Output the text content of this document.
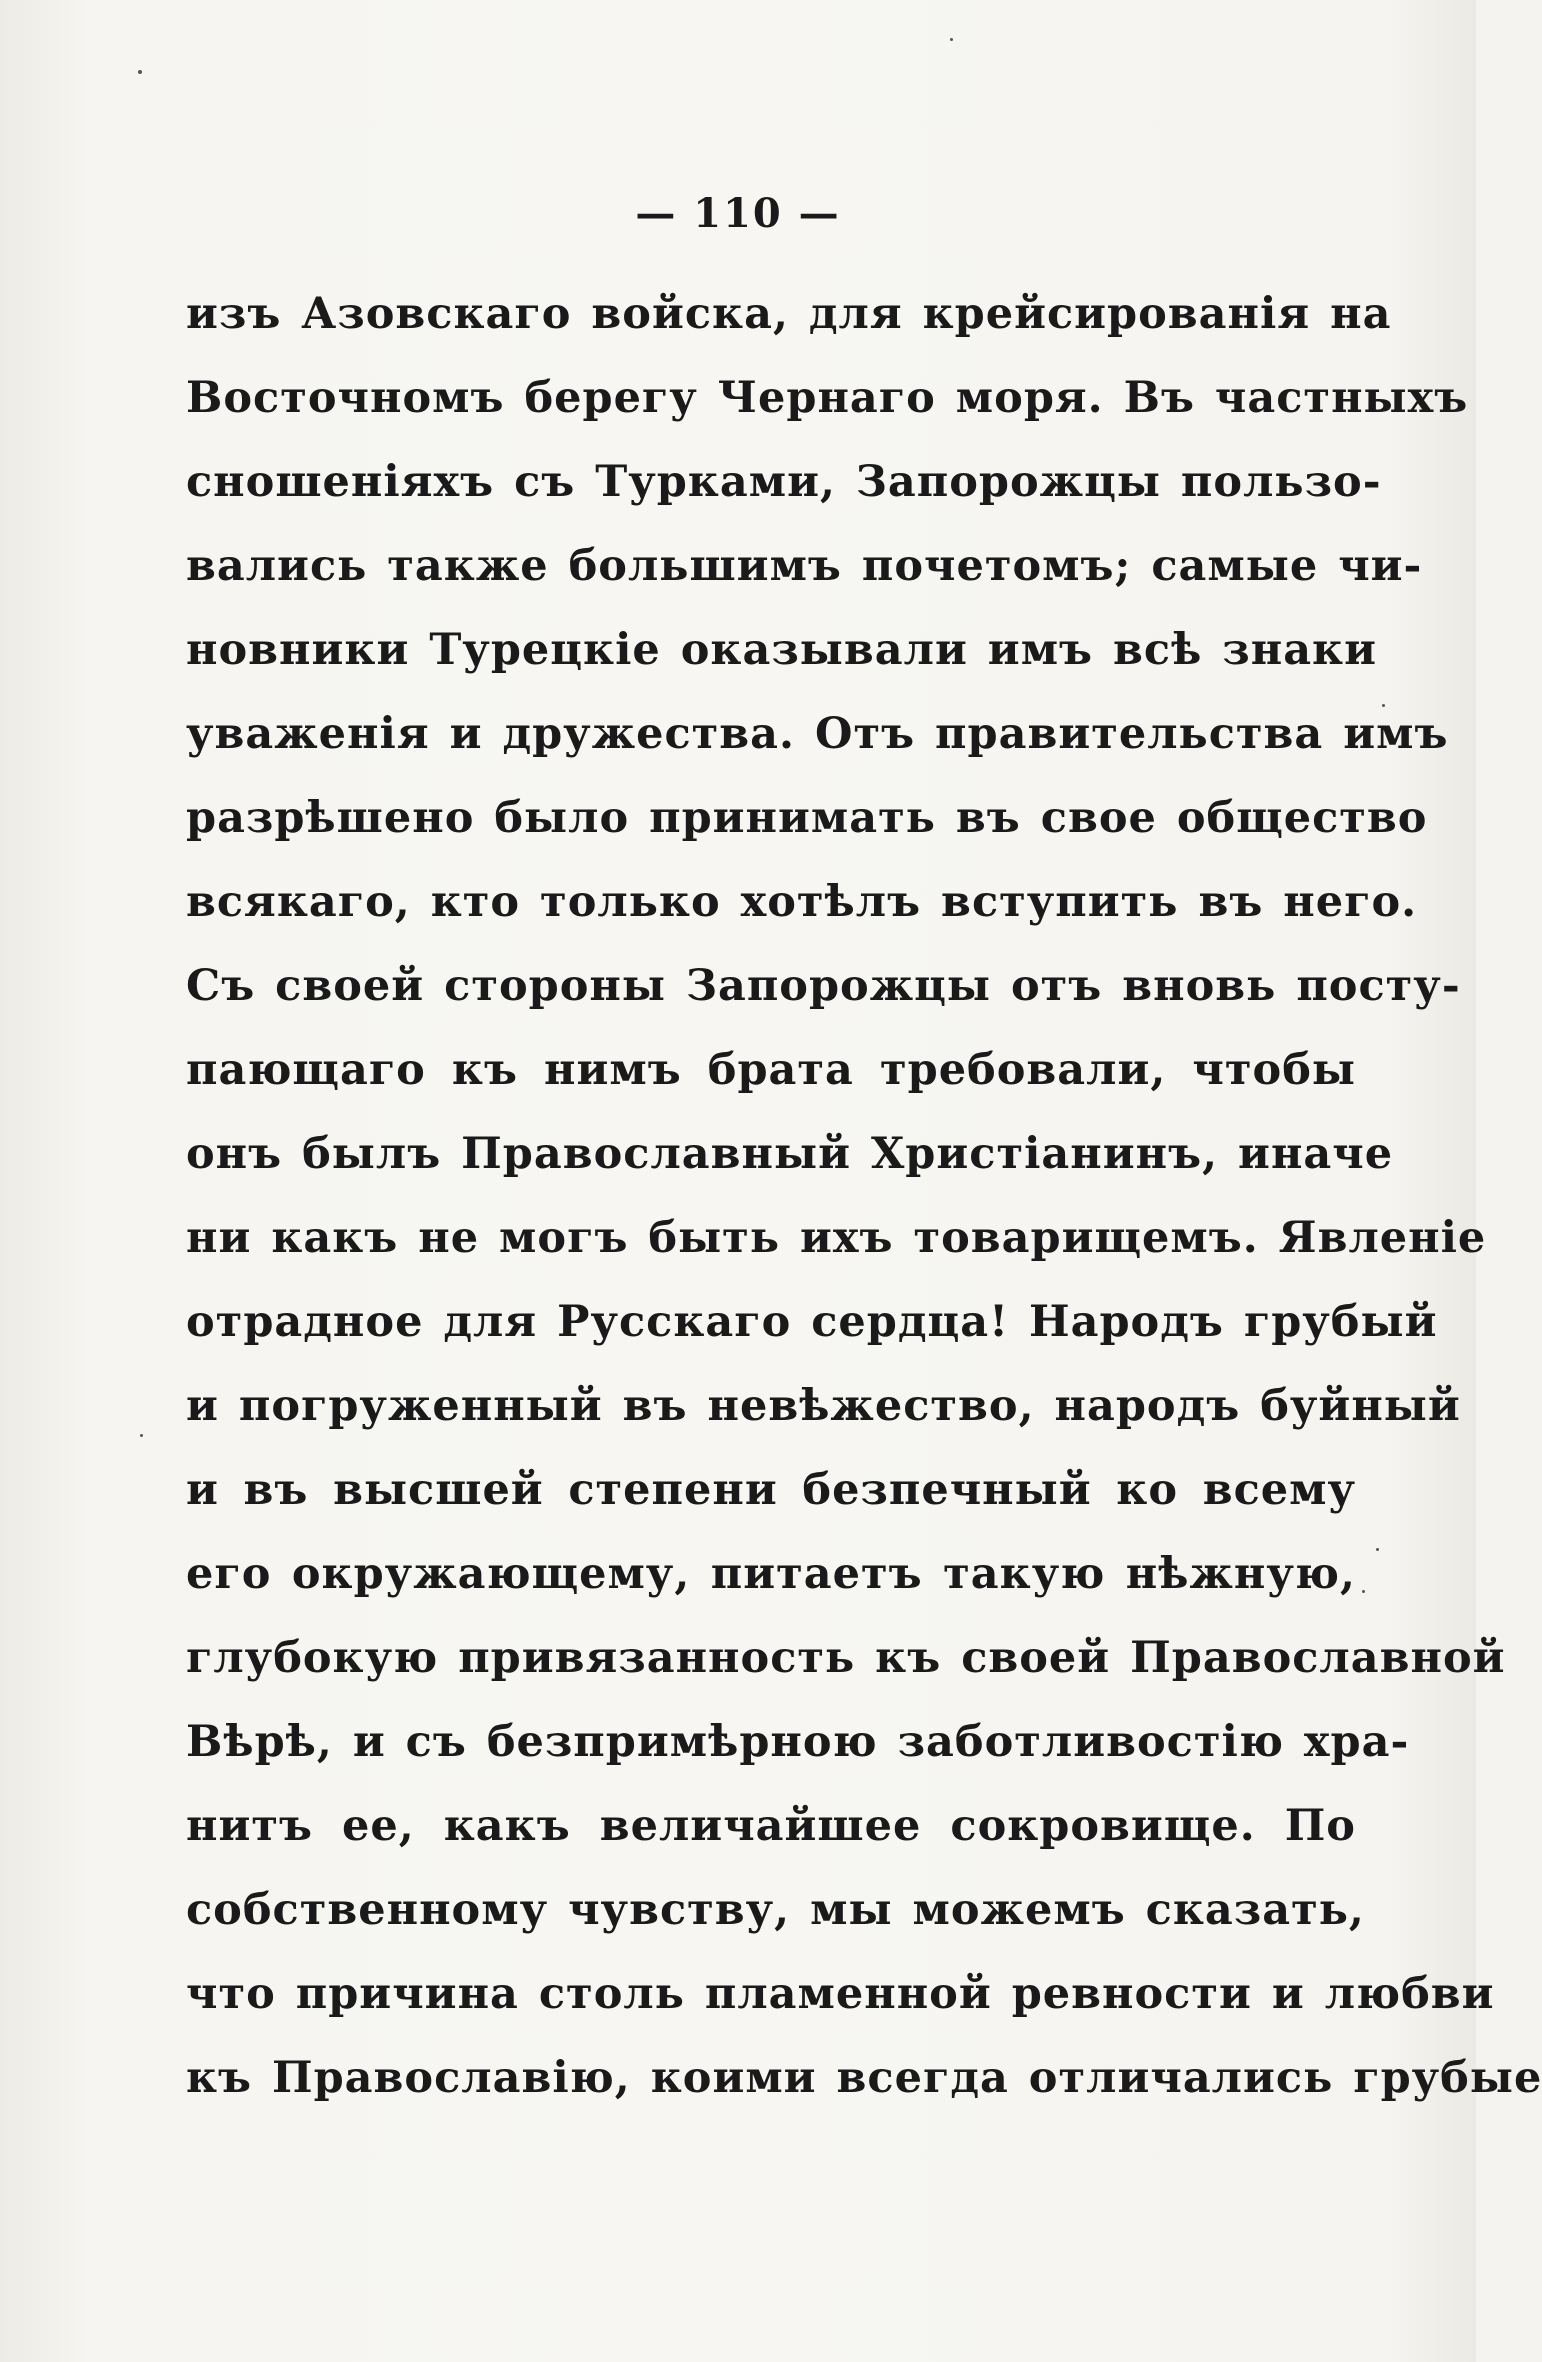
— 110 —
изъ Азовскаго войска, для крейсированія на
Восточномъ берегу Чернаго моря. Въ частныхъ
сношеніяхъ съ Турками, Запорожцы пользо-
вались также большимъ почетомъ; самые чи-
новники Турецкіе оказывали имъ всѣ знаки
уваженія и дружества. Отъ правительства имъ
разрѣшено было принимать въ свое общество
всякаго, кто только хотѣлъ вступить въ него.
Съ своей стороны Запорожцы отъ вновь посту-
пающаго къ нимъ брата требовали, чтобы
онъ былъ Православный Христіанинъ, иначе
ни какъ не могъ быть ихъ товарищемъ. Явленіе
отрадное для Русскаго сердца! Народъ грубый
и погруженный въ невѣжество, народъ буйный
и въ высшей степени безпечный ко всему
его окружающему, питаетъ такую нѣжную,
глубокую привязанность къ своей Православной
Вѣрѣ, и съ безпримѣрною заботливостію хра-
нитъ ее, какъ величайшее сокровище. По
собственному чувству, мы можемъ сказать,
что причина столь пламенной ревности и любви
къ Православію, коими всегда отличались грубые
